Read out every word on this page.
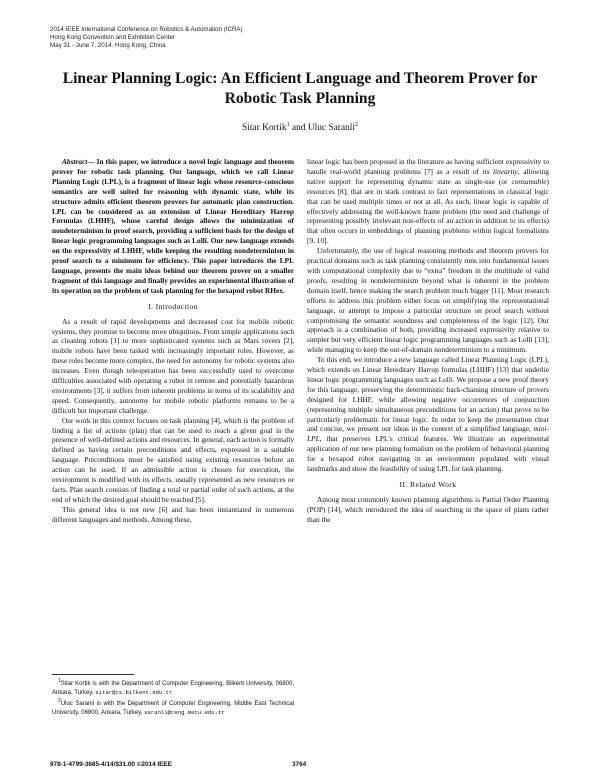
2014 IEEE International Conference on Robotics & Automation (ICRA)
Hong Kong Convention and Exhibition Center
May 31 - June 7, 2014. Hong Kong, China
Linear Planning Logic: An Efficient Language and Theorem Prover for
Robotic Task Planning
Sitar Kortik$^1$ and Uluc Saranli$^2$

Abstract— In this paper, we introduce a novel logic language and theorem prover for robotic task planning. Our language, which we call Linear Planning Logic (LPL), is a fragment of linear logic whose resource-conscious semantics are well suited for reasoning with dynamic state, while its structure admits efficient theorem provers for automatic plan construction. LPL can be considered as an extension of Linear Hereditary Harrop Formulas (LHHF), whose careful design allows the minimization of nondeterminism in proof search, providing a sufficient basis for the design of linear logic programming languages such as Lolli. Our new language extends on the expressivity of LHHF, while keeping the resulting nondeterminism in proof search to a minimum for efficiency. This paper introduces the LPL language, presents the main ideas behind our theorem prover on a smaller fragment of this language and finally provides an experimental illustration of its operation on the problem of task planning for the hexapod robot RHex.

I. Introduction

As a result of rapid developments and decreased cost for mobile robotic systems, they promise to become more ubiquitous. From simple applications such as cleaning robots [1] to more sophisticated systems such as Mars rovers [2], mobile robots have been tasked with increasingly important roles. However, as these roles become more complex, the need for autonomy for robotic systems also increases. Even though teleoperation has been successfully used to overcome difficulties associated with operating a robot in remote and potentially hazardous environments [3], it suffers from inherent problems in terms of its scalability and speed. Consequently, autonomy for mobile robotic platforms remains to be a difficult but important challenge.

Our work in this context focuses on task planning [4], which is the problem of finding a list of actions (plan) that can be used to reach a given goal in the presence of well-defined actions and resources. In general, each action is formally defined as having certain preconditions and effects, expressed in a suitable language. Preconditions must be satisfied using existing resources before an action can be used. If an admissible action is chosen for execution, the environment is modified with its effects, usually represented as new resources or facts. Plan search consists of finding a total or partial order of such actions, at the end of which the desired goal should be reached [5].

This general idea is not new [6] and has been instantiated in numerous different languages and methods. Among these,

linear logic has been proposed in the literature as having sufficient expressivity to handle real-world planning problems [7] as a result of its linearity, allowing native support for representing dynamic state as single-use (or consumable) resources [8], that are in stark contrast to fact representations in classical logic that can be used multiple times or not at all. As such, linear logic is capable of effectively addressing the well-known frame problem (the need and challenge of representing possibly irrelevant non-effects of an action in addition to its effects) that often occurs in embeddings of planning problems within logical formalisms [9, 10].

Unfortunately, the use of logical reasoning methods and theorem provers for practical domains such as task planning consistently runs into fundamental issues with computational complexity due to “extra” freedom in the multitude of valid proofs, resulting in nondeterminism beyond what is inherent in the problem domain itself, hence making the search problem much bigger [11]. Most research efforts to address this problem either focus on simplifying the representational language, or attempt to impose a particular structure on proof search without compromising the semantic soundness and completeness of the logic [12]. Our approach is a combination of both, providing increased expressivity relative to simpler but very efficient linear logic programming languages such as Lolli [13], while managing to keep the out-of-domain nondeterminism to a minimum.

To this end, we introduce a new language called Linear Planning Logic (LPL), which extends on Linear Hereditary Harrop formulas (LHHF) [13] that underlie linear logic programming languages such as Lolli. We propose a new proof theory for this language, preserving the deterministic back-chaining structure of provers designed for LHHF, while allowing negative occurrences of conjunction (representing multiple simultaneous preconditions for an action) that prove to be particularly problematic for linear logic. In order to keep the presentation clear and concise, we present our ideas in the context of a simplified language, mini-LPL, that preserves LPL's critical features. We illustrate an experimental application of our new planning formalism on the problem of behavioral planning for a hexapod robot navigating in an environment populated with visual landmarks and show the feasibility of using LPL for task planning.

II. Related Work

Among most commonly known planning algorithms is Partial Order Planning (POP) [14], which introduced the idea of searching in the space of plans rather than the

$^1$Sitar Kortik is with the Department of Computer Engineering, Bilkent University, 06800, Ankara, Turkey, sitar@cs.bilkent.edu.tr

$^2$Uluc Saranli is with the Department of Computer Engineering, Middle East Technical University, 06800, Ankara, Turkey, saranli@ceng.metu.edu.tr

978-1-4799-3685-4/14/$31.00 ©2014 IEEE	3764
